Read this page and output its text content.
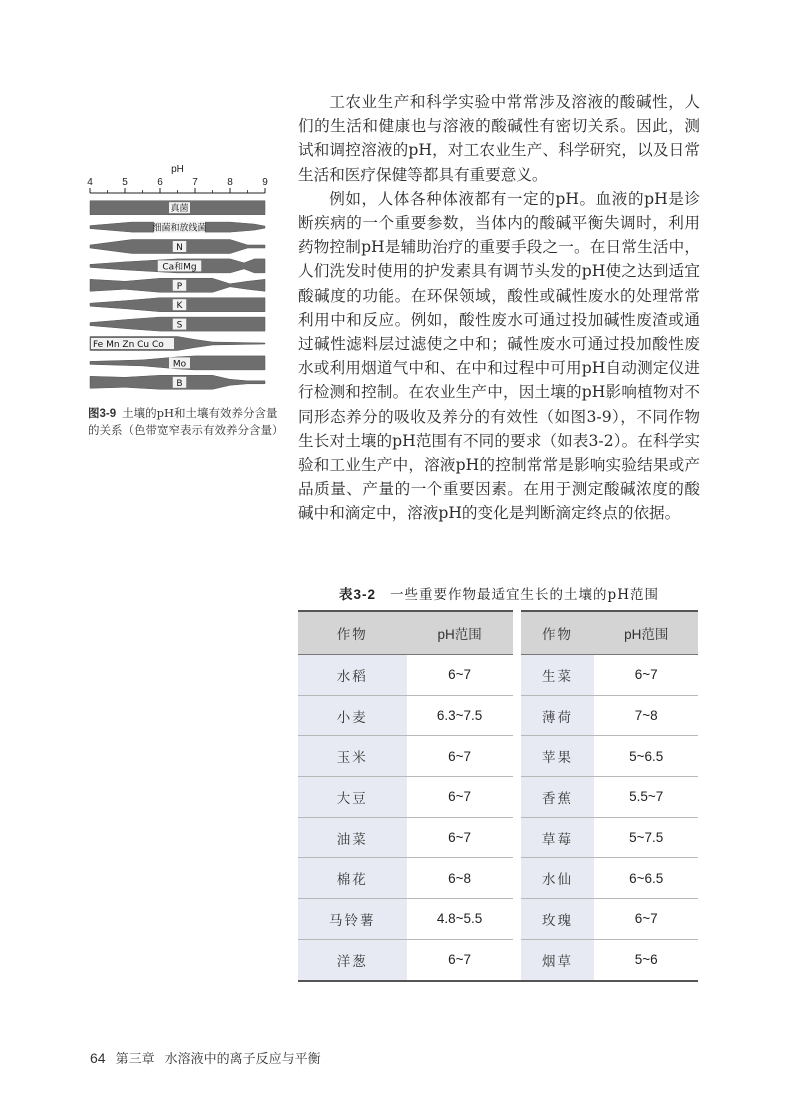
pH
4	5	6	7	8	9
真菌
细菌和放线菌
N
Ca和Mg
P
K
S
Fe Mn Zn Cu Co
Mo
B
图3-9 土壤的pH和土壤有效养分含量的关系（色带宽窄表示有效养分含量）

工农业生产和科学实验中常常涉及溶液的酸碱性，人们的生活和健康也与溶液的酸碱性有密切关系。因此，测试和调控溶液的pH，对工农业生产、科学研究，以及日常生活和医疗保健等都具有重要意义。

例如，人体各种体液都有一定的pH。血液的pH是诊断疾病的一个重要参数，当体内的酸碱平衡失调时，利用药物控制pH是辅助治疗的重要手段之一。在日常生活中，人们洗发时使用的护发素具有调节头发的pH使之达到适宜酸碱度的功能。在环保领域，酸性或碱性废水的处理常常利用中和反应。例如，酸性废水可通过投加碱性废渣或通过碱性滤料层过滤使之中和；碱性废水可通过投加酸性废水或利用烟道气中和、在中和过程中可用pH自动测定仪进行检测和控制。在农业生产中，因土壤的pH影响植物对不同形态养分的吸收及养分的有效性（如图3-9），不同作物生长对土壤的pH范围有不同的要求（如表3-2）。在科学实验和工业生产中，溶液pH的控制常常是影响实验结果或产品质量、产量的一个重要因素。在用于测定酸碱浓度的酸碱中和滴定中，溶液pH的变化是判断滴定终点的依据。

表3-2 一些重要作物最适宜生长的土壤的pH范围
作物	pH范围		作物	pH范围
水稻	6~7		生菜	6~7
小麦	6.3~7.5		薄荷	7~8
玉米	6~7		苹果	5~6.5
大豆	6~7		香蕉	5.5~7
油菜	6~7		草莓	5~7.5
棉花	6~8		水仙	6~6.5
马铃薯	4.8~5.5		玫瑰	6~7
洋葱	6~7		烟草	5~6
64 第三章 水溶液中的离子反应与平衡
